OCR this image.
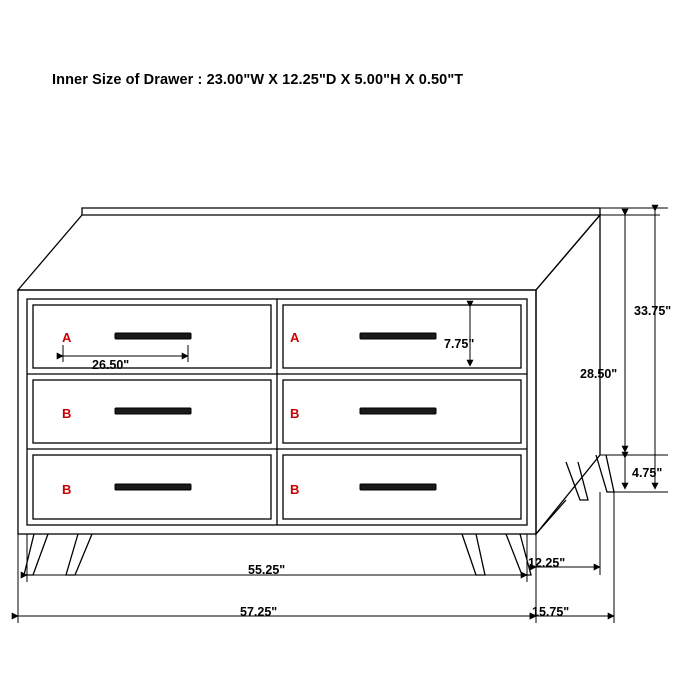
Inner Size of Drawer : 23.00"W X 12.25"D X 5.00"H X 0.50"T
A	A
B	B
B	B
26.50"
7.75"
33.75"
28.50"
4.75"
55.25"
57.25"
12.25"
15.75"
